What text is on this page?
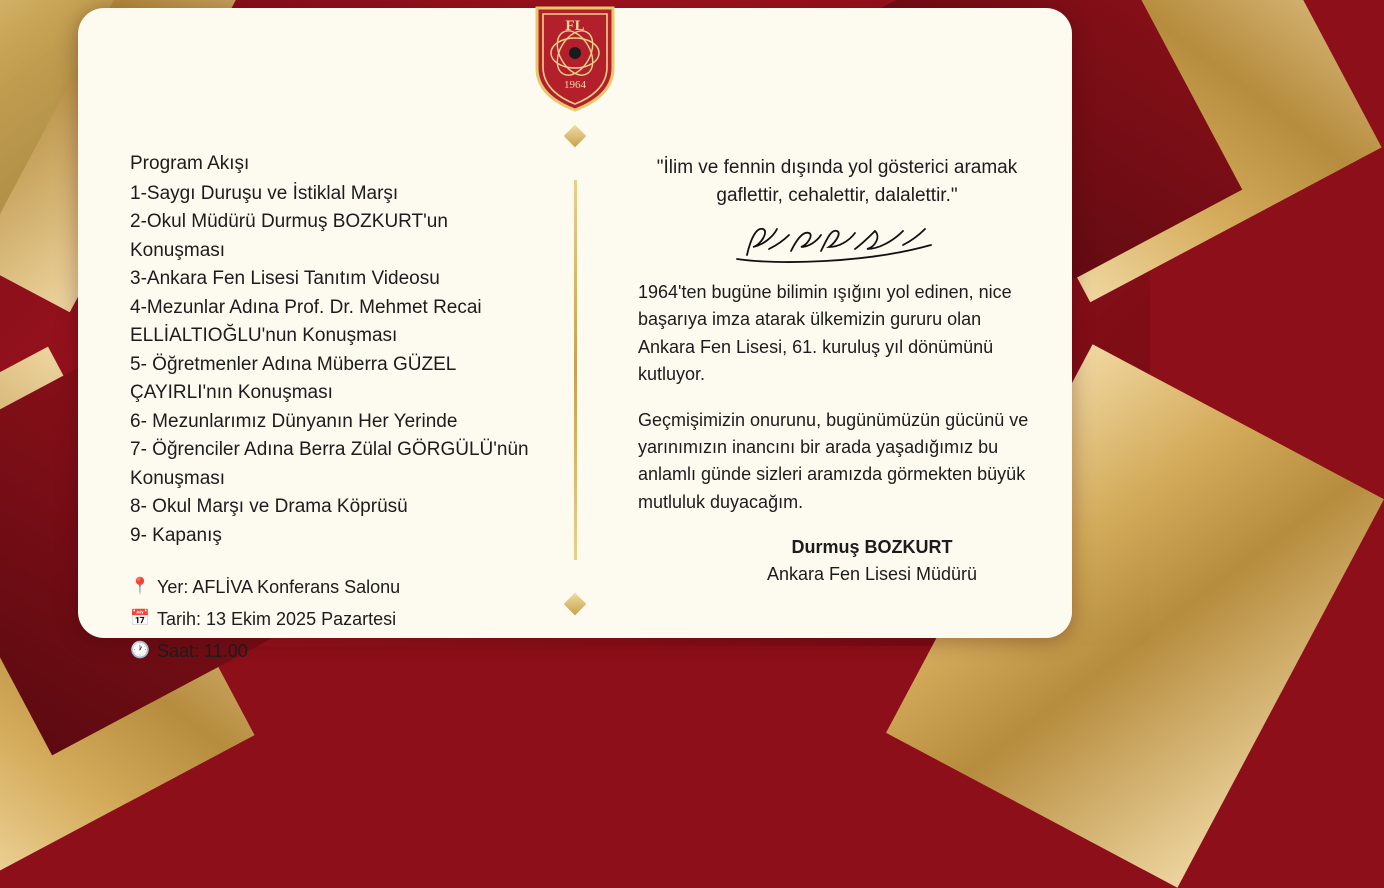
FL
1964
Program Akışı
1-Saygı Duruşu ve İstiklal Marşı
2-Okul Müdürü Durmuş BOZKURT'un Konuşması
3-Ankara Fen Lisesi Tanıtım Videosu
4-Mezunlar Adına Prof. Dr. Mehmet Recai ELLİALTIOĞLU'nun Konuşması
5- Öğretmenler Adına Müberra GÜZEL ÇAYIRLI'nın Konuşması
6- Mezunlarımız Dünyanın Her Yerinde
7- Öğrenciler Adına Berra Zülal GÖRGÜLÜ'nün Konuşması
8- Okul Marşı ve Drama Köprüsü
9- Kapanış
📍 Yer: AFLİVA Konferans Salonu
📅 Tarih: 13 Ekim 2025 Pazartesi
🕐 Saat: 11.00
"İlim ve fennin dışında yol gösterici aramak
gaflettir, cehalettir, dalalettir."

1964'ten bugüne bilimin ışığını yol edinen, nice başarıya imza atarak ülkemizin gururu olan Ankara Fen Lisesi, 61. kuruluş yıl dönümünü kutluyor.

Geçmişimizin onurunu, bugünümüzün gücünü ve yarınımızın inancını bir arada yaşadığımız bu anlamlı günde sizleri aramızda görmekten büyük mutluluk duyacağım.

Durmuş BOZKURT
Ankara Fen Lisesi Müdürü
